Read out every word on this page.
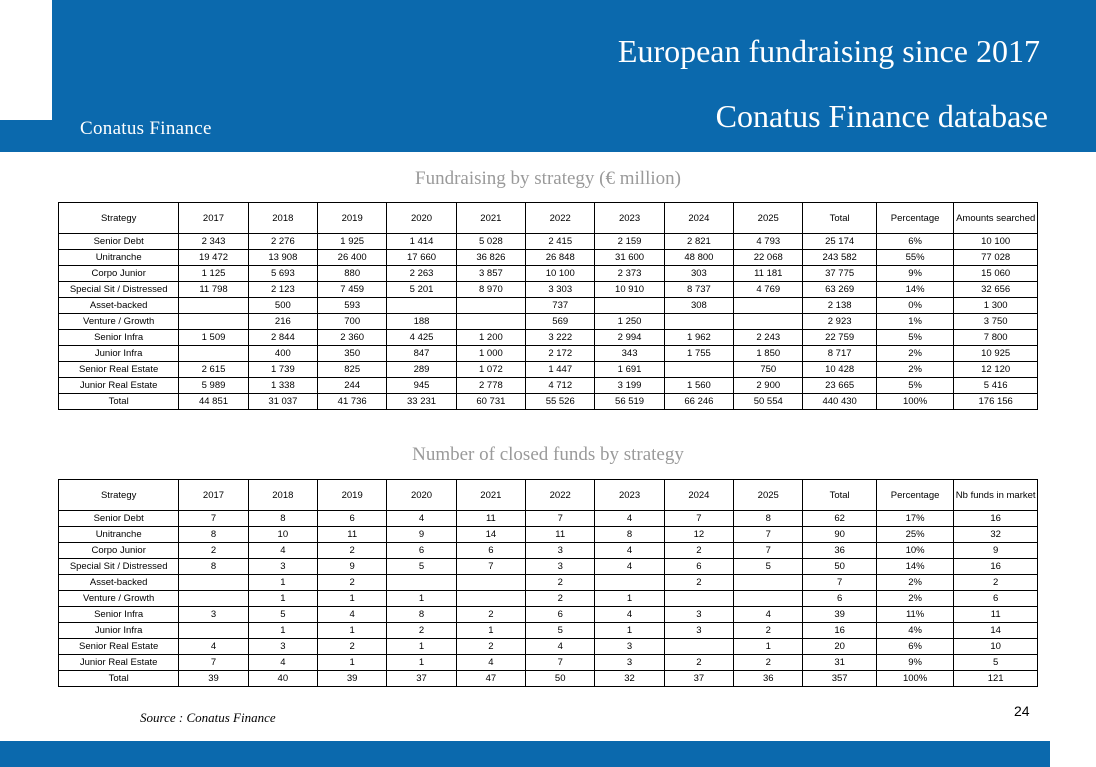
Conatus Finance
European fundraising since 2017
Conatus Finance database
Fundraising by strategy (€ million)
Strategy	2017	2018	2019	2020	2021	2022	2023	2024	2025	Total	Percentage	Amounts searched
Senior Debt	2 343	2 276	1 925	1 414	5 028	2 415	2 159	2 821	4 793	25 174	6%	10 100
Unitranche	19 472	13 908	26 400	17 660	36 826	26 848	31 600	48 800	22 068	243 582	55%	77 028
Corpo Junior	1 125	5 693	880	2 263	3 857	10 100	2 373	303	11 181	37 775	9%	15 060
Special Sit / Distressed	11 798	2 123	7 459	5 201	8 970	3 303	10 910	8 737	4 769	63 269	14%	32 656
Asset-backed		500	593			737		308		2 138	0%	1 300
Venture / Growth		216	700	188		569	1 250			2 923	1%	3 750
Senior Infra	1 509	2 844	2 360	4 425	1 200	3 222	2 994	1 962	2 243	22 759	5%	7 800
Junior Infra		400	350	847	1 000	2 172	343	1 755	1 850	8 717	2%	10 925
Senior Real Estate	2 615	1 739	825	289	1 072	1 447	1 691		750	10 428	2%	12 120
Junior Real Estate	5 989	1 338	244	945	2 778	4 712	3 199	1 560	2 900	23 665	5%	5 416
Total	44 851	31 037	41 736	33 231	60 731	55 526	56 519	66 246	50 554	440 430	100%	176 156
Number of closed funds by strategy
Strategy	2017	2018	2019	2020	2021	2022	2023	2024	2025	Total	Percentage	Nb funds in market
Senior Debt	7	8	6	4	11	7	4	7	8	62	17%	16
Unitranche	8	10	11	9	14	11	8	12	7	90	25%	32
Corpo Junior	2	4	2	6	6	3	4	2	7	36	10%	9
Special Sit / Distressed	8	3	9	5	7	3	4	6	5	50	14%	16
Asset-backed		1	2			2		2		7	2%	2
Venture / Growth		1	1	1		2	1			6	2%	6
Senior Infra	3	5	4	8	2	6	4	3	4	39	11%	11
Junior Infra		1	1	2	1	5	1	3	2	16	4%	14
Senior Real Estate	4	3	2	1	2	4	3		1	20	6%	10
Junior Real Estate	7	4	1	1	4	7	3	2	2	31	9%	5
Total	39	40	39	37	47	50	32	37	36	357	100%	121
Source : Conatus Finance	24
